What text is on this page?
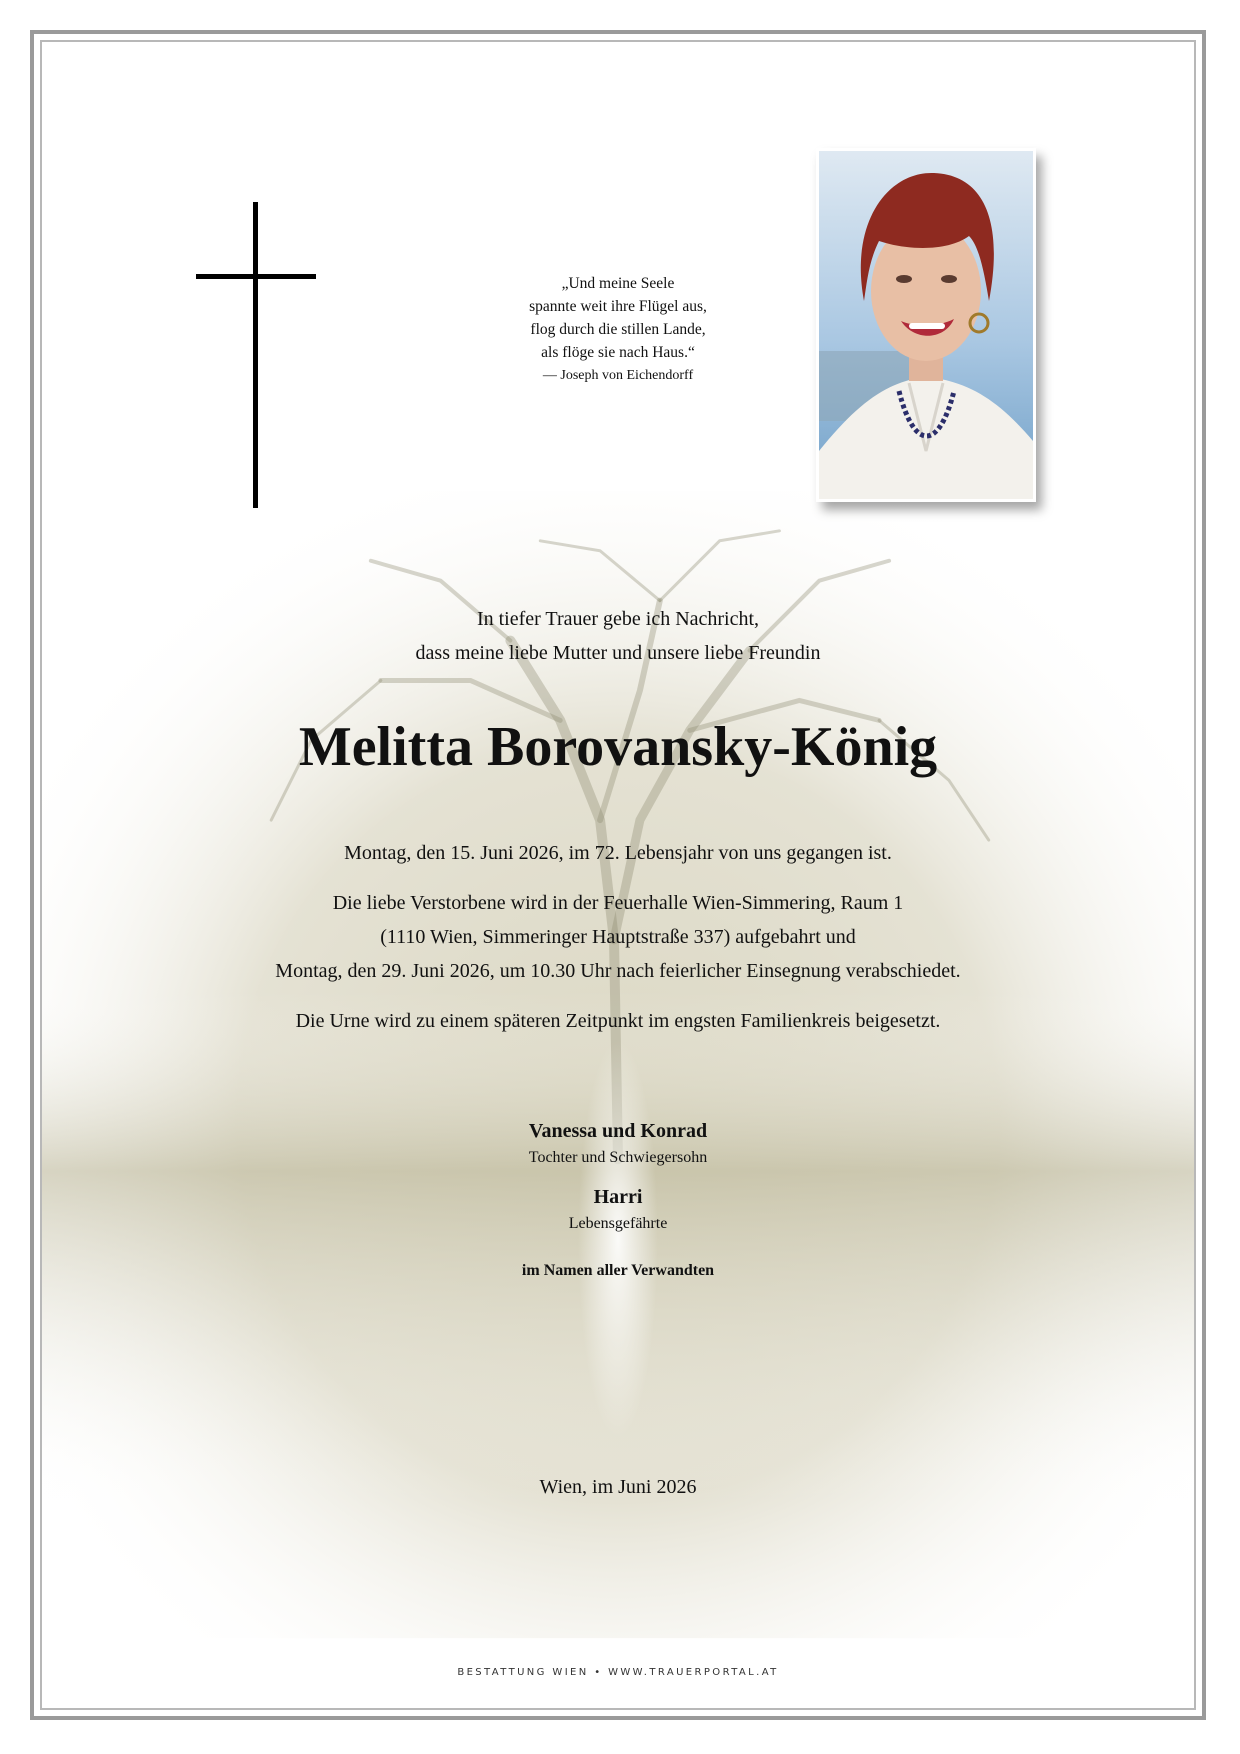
„Und meine Seele
spannte weit ihre Flügel aus,
flog durch die stillen Lande,
als flöge sie nach Haus.“
— Joseph von Eichendorff
In tiefer Trauer gebe ich Nachricht,
dass meine liebe Mutter und unsere liebe Freundin
Melitta Borovansky-König

Montag, den 15. Juni 2026, im 72. Lebensjahr von uns gegangen ist.

Die liebe Verstorbene wird in der Feuerhalle Wien-Simmering, Raum 1

(1110 Wien, Simmeringer Hauptstraße 337) aufgebahrt und

Montag, den 29. Juni 2026, um 10.30 Uhr nach feierlicher Einsegnung verabschiedet.

Die Urne wird zu einem späteren Zeitpunkt im engsten Familienkreis beigesetzt.

Vanessa und Konrad
Tochter und Schwiegersohn
Harri
Lebensgefährte
im Namen aller Verwandten
Wien, im Juni 2026
BESTATTUNG WIEN • WWW.TRAUERPORTAL.AT
